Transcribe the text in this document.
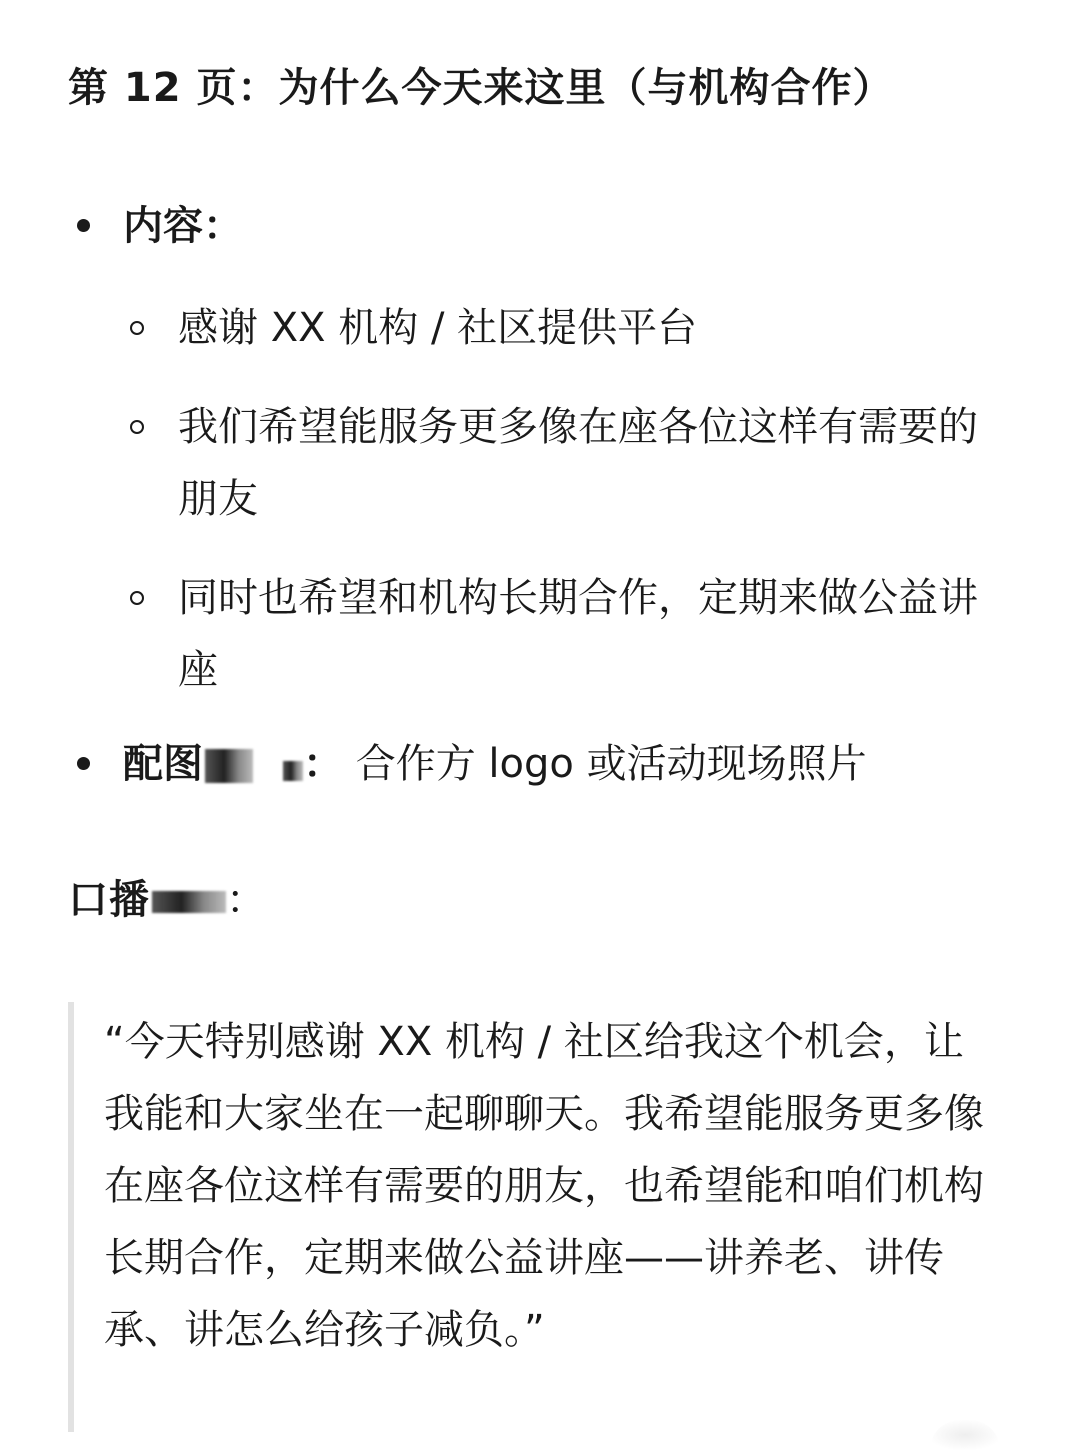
第 12 页：为什么今天来这里（与机构合作）
内容：
感谢 XX 机构 / 社区提供平台
我们希望能服务更多像在座各位这样有需要的朋友
同时也希望和机构长期合作，定期来做公益讲座
配图	： 合作方 logo 或活动现场照片
口播 ：

“今天特别感谢 XX 机构 / 社区给我这个机会，让我能和大家坐在一起聊聊天。我希望能服务更多像在座各位这样有需要的朋友，也希望能和咱们机构长期合作，定期来做公益讲座——讲养老、讲传承、讲怎么给孩子减负。”
